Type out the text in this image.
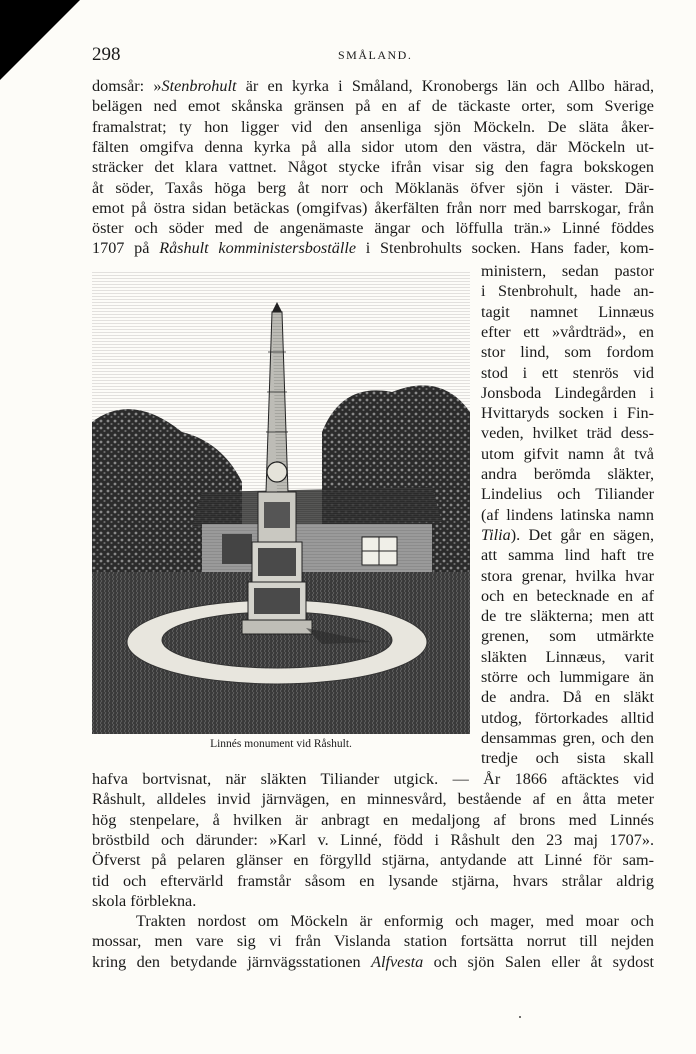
298	SMÅLAND.
domsår: »Stenbrohult är en kyrka i Småland, Kronobergs län och Allbo härad,
belägen ned emot skånska gränsen på en af de täckaste orter, som Sverige
framalstrat; ty hon ligger vid den ansenliga sjön Möckeln. De släta åker-
fälten omgifva denna kyrka på alla sidor utom den västra, där Möckeln ut-
sträcker det klara vattnet. Något stycke ifrån visar sig den fagra bokskogen
åt söder, Taxås höga berg åt norr och Möklanäs öfver sjön i väster. Där-
emot på östra sidan betäckas (omgifvas) åkerfälten från norr med barrskogar, från
öster och söder med de angenämaste ängar och löffulla trän.» Linné föddes
1707 på Råshult komministersboställe i Stenbrohults socken. Hans fader, kom-
ministern, sedan pastor
i Stenbrohult, hade an-
tagit namnet Linnæus
efter ett »vårdträd», en
stor lind, som fordom
stod i ett stenrös vid
Jonsboda Lindegården i
Hvittaryds socken i Fin-
veden, hvilket träd dess-
utom gifvit namn åt två
andra berömda släkter,
Lindelius och Tiliander
(af lindens latinska namn
Tilia). Det går en sägen,
att samma lind haft tre
stora grenar, hvilka hvar
och en betecknade en af
de tre släkterna; men att
grenen, som utmärkte
släkten Linnæus, varit
större och lummigare än
de andra. Då en släkt
utdog, förtorkades alltid
densammas gren, och den
tredje och sista skall
hafva bortvisnat, när släkten Tiliander utgick. — År 1866 aftäcktes vid
Råshult, alldeles invid järnvägen, en minnesvård, bestående af en åtta meter
hög stenpelare, å hvilken är anbragt en medaljong af brons med Linnés
bröstbild och därunder: »Karl v. Linné, född i Råshult den 23 maj 1707».
Öfverst på pelaren glänser en förgylld stjärna, antydande att Linné för sam-
tid och eftervärld framstår såsom en lysande stjärna, hvars strålar aldrig
skola förblekna.
Trakten nordost om Möckeln är enformig och mager, med moar och
mossar, men vare sig vi från Vislanda station fortsätta norrut till nejden
kring den betydande järnvägsstationen Alfvesta och sjön Salen eller åt sydost
Linnés monument vid Råshult.
